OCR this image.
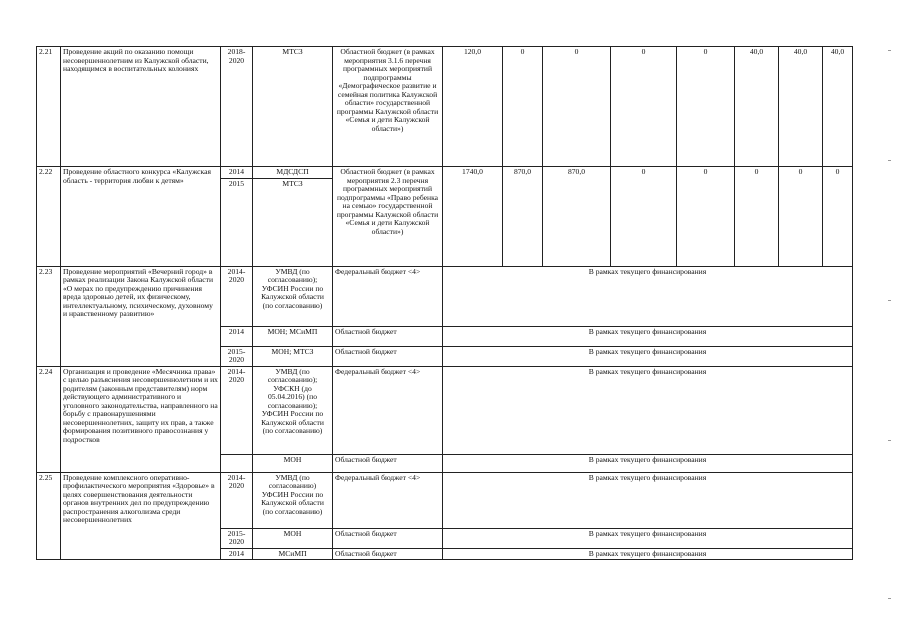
2.21	Проведение акций по оказанию помощи несовершеннолетним из Калужской области, находящимся в воспитательных колониях	2018-2020	МТСЗ	Областной бюджет (в рамках мероприятия 3.1.6 перечня программных мероприятий подпрограммы «Демографическое развитие и семейная политика Калужской области» государственной программы Калужской области «Семья и дети Калужской области»)	120,0	0	0	0	0	40,0	40,0	40,0
2.22	Проведение областного конкурса «Калужская область - территория любви к детям»	2014	МДСДСП	Областной бюджет (в рамках мероприятия 2.3 перечня программных мероприятий подпрограммы «Право ребенка на семью» государственной программы Калужской области «Семья и дети Калужской области»)	1740,0	870,0	870,0	0	0	0	0	0
		2015	МТСЗ									
2.23	Проведение мероприятий «Вечерний город» в рамках реализации Закона Калужской области «О мерах по предупреждению причинения вреда здоровью детей, их физическому, интеллектуальному, психическому, духовному и нравственному развитию»	2014-2020	УМВД (по согласованию); УФСИН России по Калужской области (по согласованию)	Федеральный бюджет <4>	В рамках текущего финансирования							
		2014	МОН; МСиМП	Областной бюджет	В рамках текущего финансирования							
		2015-2020	МОН; МТСЗ	Областной бюджет	В рамках текущего финансирования							
2.24	Организация и проведение «Месячника права» с целью разъяснения несовершеннолетним и их родителям (законным представителям) норм действующего административного и уголовного законодательства, направленного на борьбу с правонарушениями несовершеннолетних, защиту их прав, а также формирования позитивного правосознания у подростков	2014-2020	УМВД (по согласованию); УФСКН (до 05.04.2016) (по согласованию); УФСИН России по Калужской области (по согласованию)	Федеральный бюджет <4>	В рамках текущего финансирования							
			МОН	Областной бюджет	В рамках текущего финансирования							
2.25	Проведение комплексного оперативно-профилактического мероприятия «Здоровье» в целях совершенствования деятельности органов внутренних дел по предупреждению распространения алкоголизма среди несовершеннолетних	2014-2020	УМВД (по согласованию) УФСИН России по Калужской области (по согласованию)	Федеральный бюджет <4>	В рамках текущего финансирования							
		2015-2020	МОН	Областной бюджет	В рамках текущего финансирования							
		2014	МСиМП	Областной бюджет	В рамках текущего финансирования							
